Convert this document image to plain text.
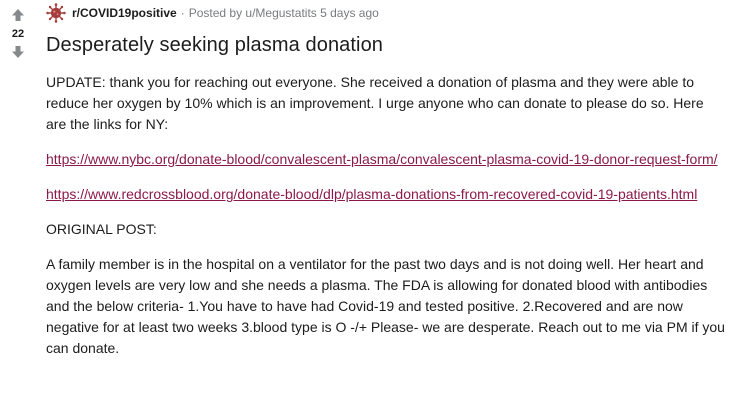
22
r/COVID19positive · Posted by u/Megustatits 5 days ago
Desperately seeking plasma donation

UPDATE: thank you for reaching out everyone. She received a donation of plasma and they were able to reduce her oxygen by 10% which is an improvement. I urge anyone who can donate to please do so. Here are the links for NY:

https://www.nybc.org/donate-blood/convalescent-plasma/convalescent-plasma-covid-19-donor-request-form/

https://www.redcrossblood.org/donate-blood/dlp/plasma-donations-from-recovered-covid-19-patients.html

ORIGINAL POST:

A family member is in the hospital on a ventilator for the past two days and is not doing well. Her heart and oxygen levels are very low and she needs a plasma. The FDA is allowing for donated blood with antibodies and the below criteria- 1.You have to have had Covid-19 and tested positive. 2.Recovered and are now negative for at least two weeks 3.blood type is O -/+ Please- we are desperate. Reach out to me via PM if you can donate.
